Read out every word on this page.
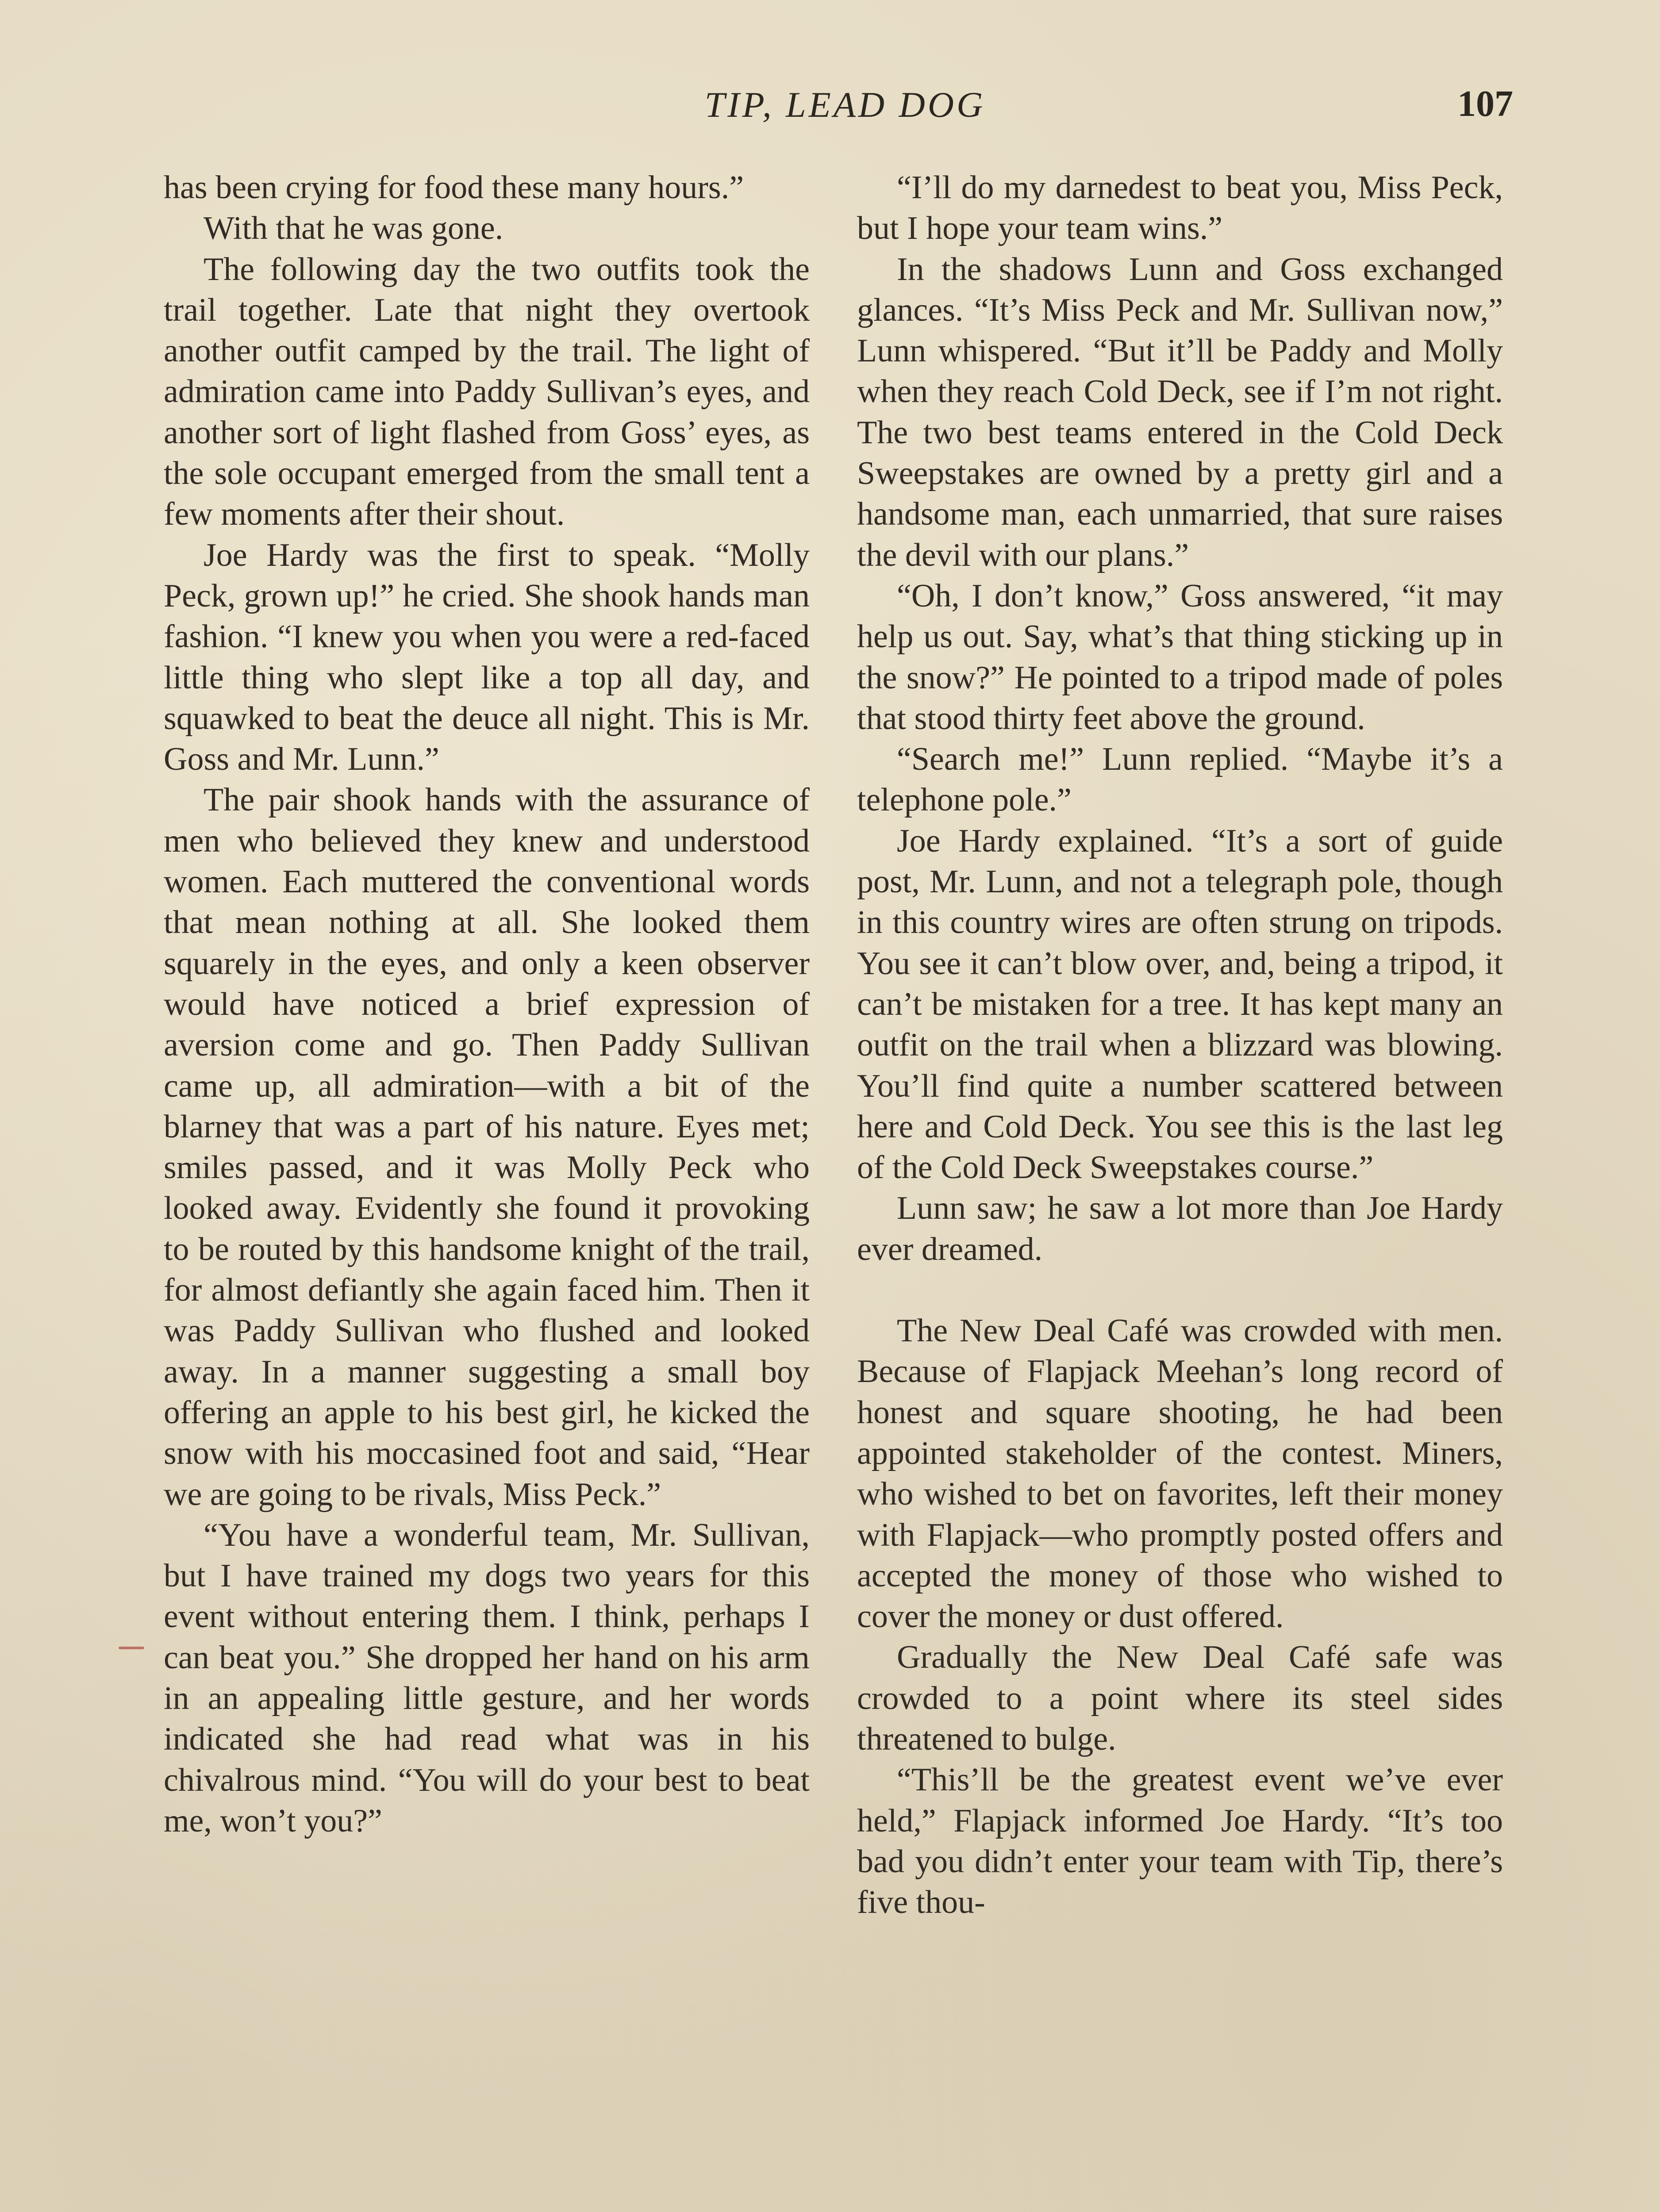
TIP, LEAD DOG	107

has been crying for food these many hours.”

With that he was gone.

The following day the two outfits took the trail together. Late that night they overtook another outfit camped by the trail. The light of admiration came into Paddy Sullivan’s eyes, and another sort of light flashed from Goss’ eyes, as the sole occupant emerged from the small tent a few moments after their shout.

Joe Hardy was the first to speak. “Molly Peck, grown up!” he cried. She shook hands man fashion. “I knew you when you were a red-faced little thing who slept like a top all day, and squawked to beat the deuce all night. This is Mr. Goss and Mr. Lunn.”

The pair shook hands with the assurance of men who believed they knew and understood women. Each muttered the conventional words that mean nothing at all. She looked them squarely in the eyes, and only a keen observer would have noticed a brief expression of aversion come and go. Then Paddy Sullivan came up, all admiration—with a bit of the blarney that was a part of his nature. Eyes met; smiles passed, and it was Molly Peck who looked away. Evidently she found it provoking to be routed by this handsome knight of the trail, for almost defiantly she again faced him. Then it was Paddy Sullivan who flushed and looked away. In a manner suggesting a small boy offering an apple to his best girl, he kicked the snow with his moccasined foot and said, “Hear we are going to be rivals, Miss Peck.”

“You have a wonderful team, Mr. Sullivan, but I have trained my dogs two years for this event without entering them. I think, perhaps I can beat you.” She dropped her hand on his arm in an appealing little gesture, and her words indicated she had read what was in his chivalrous mind. “You will do your best to beat me, won’t you?”

“I’ll do my darnedest to beat you, Miss Peck, but I hope your team wins.”

In the shadows Lunn and Goss exchanged glances. “It’s Miss Peck and Mr. Sullivan now,” Lunn whispered. “But it’ll be Paddy and Molly when they reach Cold Deck, see if I’m not right. The two best teams entered in the Cold Deck Sweepstakes are owned by a pretty girl and a handsome man, each unmarried, that sure raises the devil with our plans.”

“Oh, I don’t know,” Goss answered, “it may help us out. Say, what’s that thing sticking up in the snow?” He pointed to a tripod made of poles that stood thirty feet above the ground.

“Search me!” Lunn replied. “Maybe it’s a telephone pole.”

Joe Hardy explained. “It’s a sort of guide post, Mr. Lunn, and not a telegraph pole, though in this country wires are often strung on tripods. You see it can’t blow over, and, being a tripod, it can’t be mistaken for a tree. It has kept many an outfit on the trail when a blizzard was blowing. You’ll find quite a number scattered between here and Cold Deck. You see this is the last leg of the Cold Deck Sweepstakes course.”

Lunn saw; he saw a lot more than Joe Hardy ever dreamed.

The New Deal Café was crowded with men. Because of Flapjack Meehan’s long record of honest and square shooting, he had been appointed stakeholder of the contest. Miners, who wished to bet on favorites, left their money with Flapjack—who promptly posted offers and accepted the money of those who wished to cover the money or dust offered.

Gradually the New Deal Café safe was crowded to a point where its steel sides threatened to bulge.

“This’ll be the greatest event we’ve ever held,” Flapjack informed Joe Hardy. “It’s too bad you didn’t enter your team with Tip, there’s five thou-
